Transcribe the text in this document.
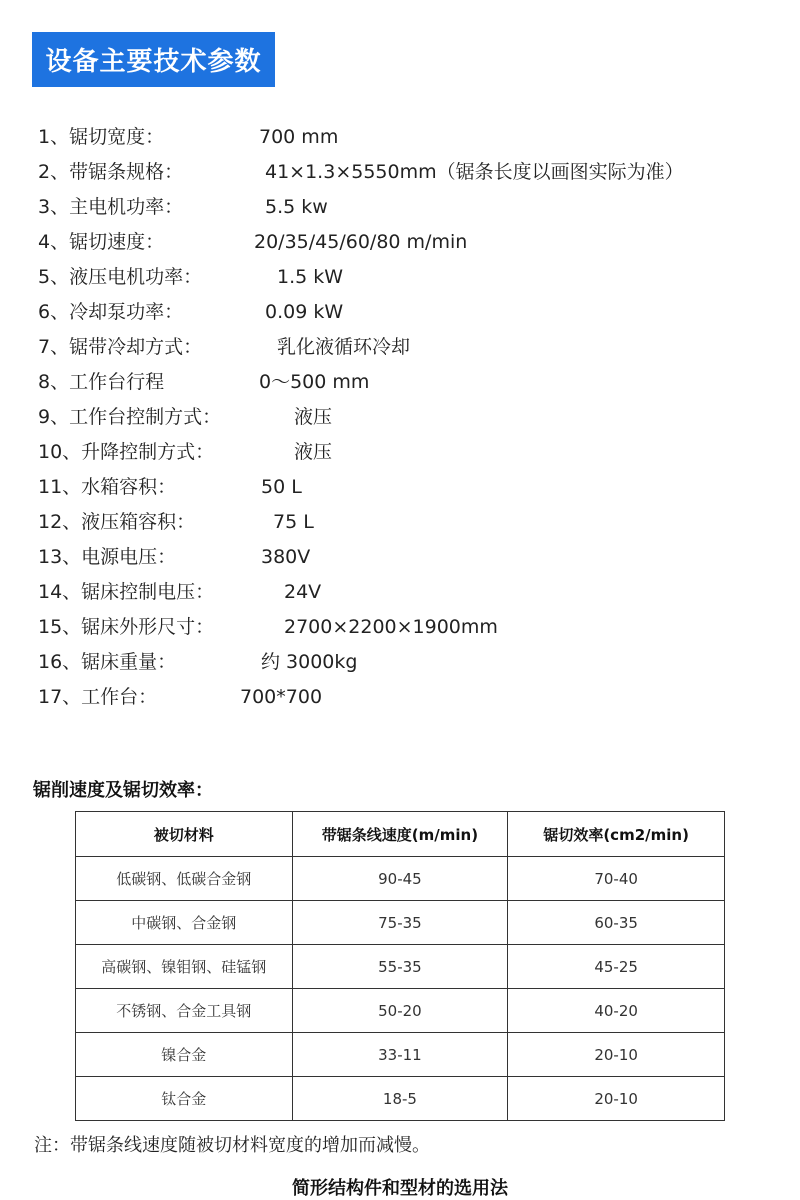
设备主要技术参数
1、锯切宽度：	700 mm
2、带锯条规格：	41×1.3×5550mm（锯条长度以画图实际为准）
3、主电机功率：	5.5 kw
4、锯切速度：	20/35/45/60/80 m/min
5、液压电机功率：	1.5 kW
6、冷却泵功率：	0.09 kW
7、锯带冷却方式：	乳化液循环冷却
8、工作台行程	0～500 mm
9、工作台控制方式：	液压
10、升降控制方式：	液压
11、水箱容积：	50 L
12、液压箱容积：	75 L
13、电源电压：	380V
14、锯床控制电压：	24V
15、锯床外形尺寸：	2700×2200×1900mm
16、锯床重量：	约 3000kg
17、工作台：	700*700
锯削速度及锯切效率：
被切材料	带锯条线速度(m/min)	锯切效率(cm2/min)
低碳钢、低碳合金钢	90-45	70-40
中碳钢、合金钢	75-35	60-35
高碳钢、镍钼钢、硅锰钢	55-35	45-25
不锈钢、合金工具钢	50-20	40-20
镍合金	33-11	20-10
钛合金	18-5	20-10
注：带锯条线速度随被切材料宽度的增加而减慢。
简形结构件和型材的选用法
